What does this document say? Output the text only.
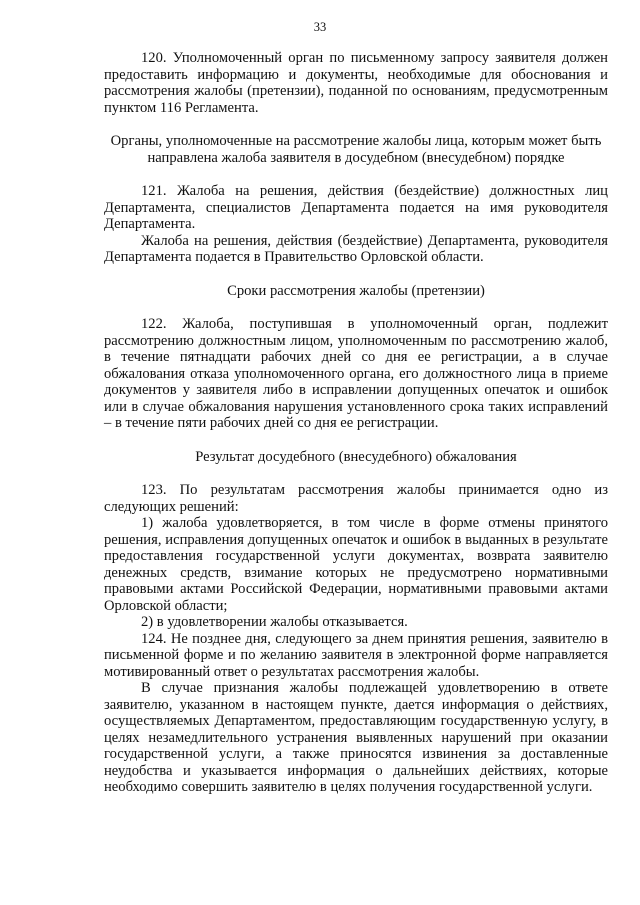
33

120. Уполномоченный орган по письменному запросу заявителя должен предоставить информацию и документы, необходимые для обоснования и рассмотрения жалобы (претензии), поданной по основаниям, предусмотренным пунктом 116 Регламента.

Органы, уполномоченные на рассмотрение жалобы лица, которым может быть направлена жалоба заявителя в досудебном (внесудебном) порядке

121. Жалоба на решения, действия (бездействие) должностных лиц Департамента, специалистов Департамента подается на имя руководителя Департамента.

Жалоба на решения, действия (бездействие) Департамента, руководителя Департамента подается в Правительство Орловской области.

Сроки рассмотрения жалобы (претензии)

122. Жалоба, поступившая в уполномоченный орган, подлежит рассмотрению должностным лицом, уполномоченным по рассмотрению жалоб, в течение пятнадцати рабочих дней со дня ее регистрации, а в случае обжалования отказа уполномоченного органа, его должностного лица в приеме документов у заявителя либо в исправлении допущенных опечаток и ошибок или в случае обжалования нарушения установленного срока таких исправлений – в течение пяти рабочих дней со дня ее регистрации.

Результат досудебного (внесудебного) обжалования

123. По результатам рассмотрения жалобы принимается одно из следующих решений:

1) жалоба удовлетворяется, в том числе в форме отмены принятого решения, исправления допущенных опечаток и ошибок в выданных в результате предоставления государственной услуги документах, возврата заявителю денежных средств, взимание которых не предусмотрено нормативными правовыми актами Российской Федерации, нормативными правовыми актами Орловской области;

2) в удовлетворении жалобы отказывается.

124. Не позднее дня, следующего за днем принятия решения, заявителю в письменной форме и по желанию заявителя в электронной форме направляется мотивированный ответ о результатах рассмотрения жалобы.

В случае признания жалобы подлежащей удовлетворению в ответе заявителю, указанном в настоящем пункте, дается информация о действиях, осуществляемых Департаментом, предоставляющим государственную услугу, в целях незамедлительного устранения выявленных нарушений при оказании государственной услуги, а также приносятся извинения за доставленные неудобства и указывается информация о дальнейших действиях, которые необходимо совершить заявителю в целях получения государственной услуги.
